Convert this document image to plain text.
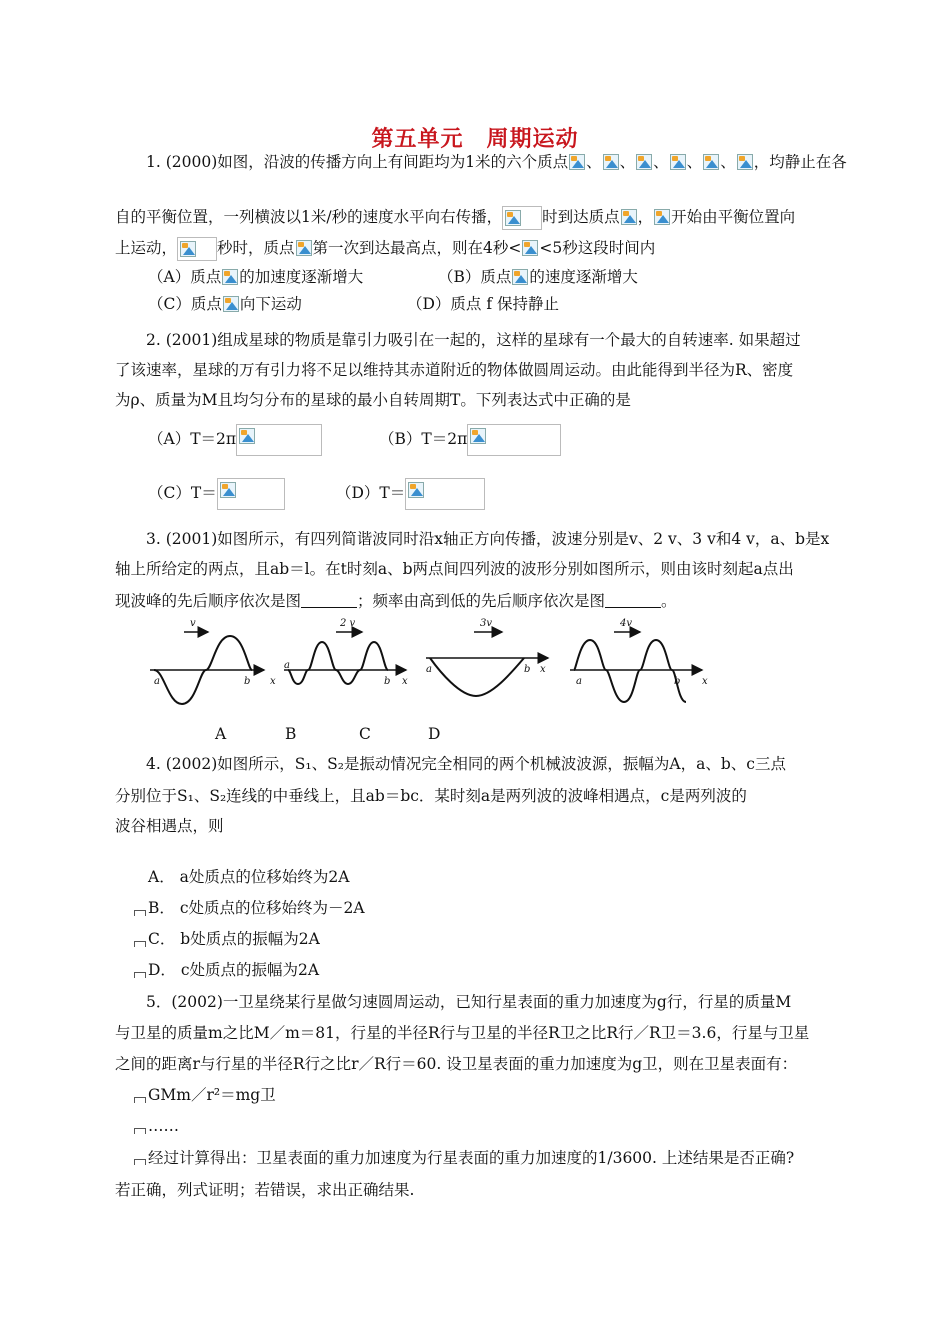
第五单元　周期运动
1. (2000)如图，沿波的传播方向上有间距均为1米的六个质点 、 、 、 、 、 ，均静止在各
自的平衡位置，一列横波以1米/秒的速度水平向右传播，	时到达质点 ， 开始由平衡位置向
上运动，	秒时，质点 第一次到达最高点，则在4秒< <5秒这段时间内
（A）质点 的加速度逐渐增大	（B）质点 的速度逐渐增大
（C）质点 向下运动	（D）质点 f 保持静止
2. (2001)组成星球的物质是靠引力吸引在一起的，这样的星球有一个最大的自转速率. 如果超过
了该速率，星球的万有引力将不足以维持其赤道附近的物体做圆周运动。由此能得到半径为R、密度
为ρ、质量为M且均匀分布的星球的最小自转周期T。下列表达式中正确的是
（A）T＝2π	（B）T＝2π
（C）T＝	（D）T＝
3. (2001)如图所示，有四列简谐波同时沿x轴正方向传播，波速分别是v、2 v、3 v和4 v，a、b是x
轴上所给定的两点，且ab＝l。在t时刻a、b两点间四列波的波形分别如图所示，则由该时刻起a点出
现波峰的先后顺序依次是图	；频率由高到低的先后顺序依次是图	。
v	2 v	3v	4v
a	b x
a
b x
a	b x
a	b x
A	B	C	D
4. (2002)如图所示，S₁、S₂是振动情况完全相同的两个机械波波源，振幅为A，a、b、c三点
分别位于S₁、S₂连线的中垂线上，且ab＝bc．某时刻a是两列波的波峰相遇点，c是两列波的
波谷相遇点，则
A． a处质点的位移始终为2A
B． c处质点的位移始终为－2A
C． b处质点的振幅为2A
D． c处质点的振幅为2A
5．(2002)一卫星绕某行星做匀速圆周运动，已知行星表面的重力加速度为g行，行星的质量M
与卫星的质量m之比M／m＝81，行星的半径R行与卫星的半径R卫之比R行／R卫＝3.6，行星与卫星
之间的距离r与行星的半径R行之比r／R行＝60. 设卫星表面的重力加速度为g卫，则在卫星表面有：
GMm／r²＝mg卫
……
经过计算得出：卫星表面的重力加速度为行星表面的重力加速度的1/3600. 上述结果是否正确?
若正确，列式证明；若错误，求出正确结果.
